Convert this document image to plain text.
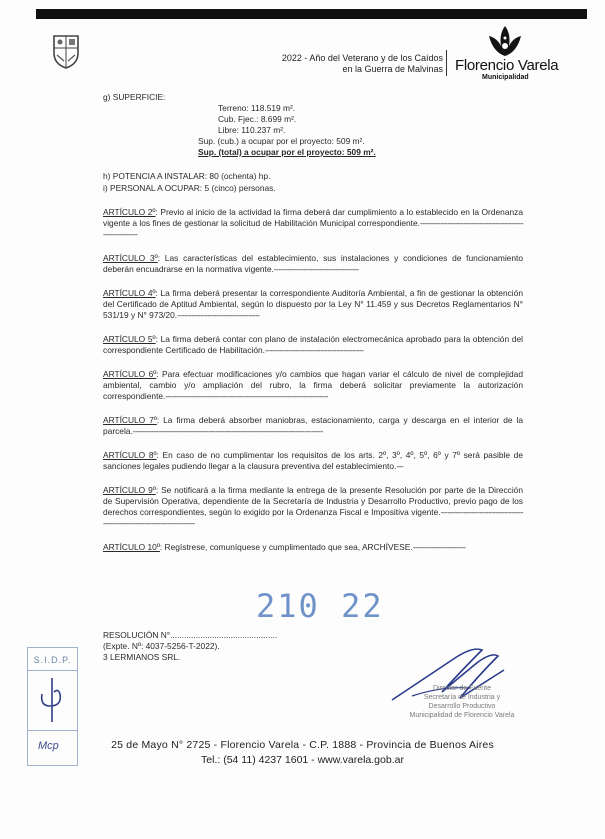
2022 - Año del Veterano y de los Caídos
en la Guerra de Malvinas Florencio Varela
Municipalidad

g) SUPERFICIE:

Terreno: 118.519 m².

Cub. Fjec.: 8.699 m².

Libre: 110.237 m².

Sup. (cub.) a ocupar por el proyecto: 509 m².

Sup. (total) a ocupar por el proyecto: 509 m².

h) POTENCIA A INSTALAR: 80 (ochenta) hp.

i) PERSONAL A OCUPAR: 5 (cinco) personas.

ARTÍCULO 2º: Previo al inicio de la actividad la firma deberá dar cumplimiento a lo establecido en la Ordenanza vigente a los fines de gestionar la solicitud de Habilitación Municipal correspondiente.------------------------------------------------------------

ARTÍCULO 3º: Las características del establecimiento, sus instalaciones y condiciones de funcionamiento deberán encuadrarse en la normativa vigente.-------------------------------------

ARTÍCULO 4º: La firma deberá presentar la correspondiente Auditoría Ambiental, a fin de gestionar la obtención del Certificado de Aptitud Ambiental, según lo dispuesto por la Ley N° 11.459 y sus Decretos Reglamentarios N° 531/19 y N° 973/20.------------------------------------

ARTÍCULO 5º: La firma deberá contar con plano de instalación electromecánica aprobado para la obtención del correspondiente Certificado de Habilitación.-------------------------------------------

ARTÍCULO 6º: Para efectuar modificaciones y/o cambios que hagan variar el cálculo de nivel de complejidad ambiental, cambio y/o ampliación del rubro, la firma deberá solicitar previamente la autorización correspondiente.-----------------------------------------------------------------------

ARTÍCULO 7º: La firma deberá absorber maniobras, estacionamiento, carga y descarga en el interior de la parcela.-----------------------------------------------------------------------------------

ARTÍCULO 8º: En caso de no cumplimentar los requisitos de los arts. 2º, 3º, 4º, 5º, 6º y 7º será pasible de sanciones legales pudiendo llegar a la clausura preventiva del establecimiento.---

ARTÍCULO 9º: Se notificará a la firma mediante la entrega de la presente Resolución por parte de la Dirección de Supervisión Operativa, dependiente de la Secretaría de Industria y Desarrollo Productivo, previo pago de los derechos correspondientes, según lo exigido por la Ordenanza Fiscal e Impositiva vigente.----------------------------------------------------------------------------

ARTÍCULO 10º: Regístrese, comuníquese y cumplimentado que sea, ARCHÍVESE.-----------------------

210 22

RESOLUCIÓN N°..............................................

(Expte. Nº: 4037-5256-T-2022).

3 LERMIANOS SRL.

S.I.D.P.
Mcp

Director de Fuente

Secretaría de Industria y

Desarrollo Productivo

Municipalidad de Florencio Varela

25 de Mayo N° 2725 - Florencio Varela - C.P. 1888 - Provincia de Buenos Aires

Tel.: (54 11) 4237 1601 - www.varela.gob.ar
